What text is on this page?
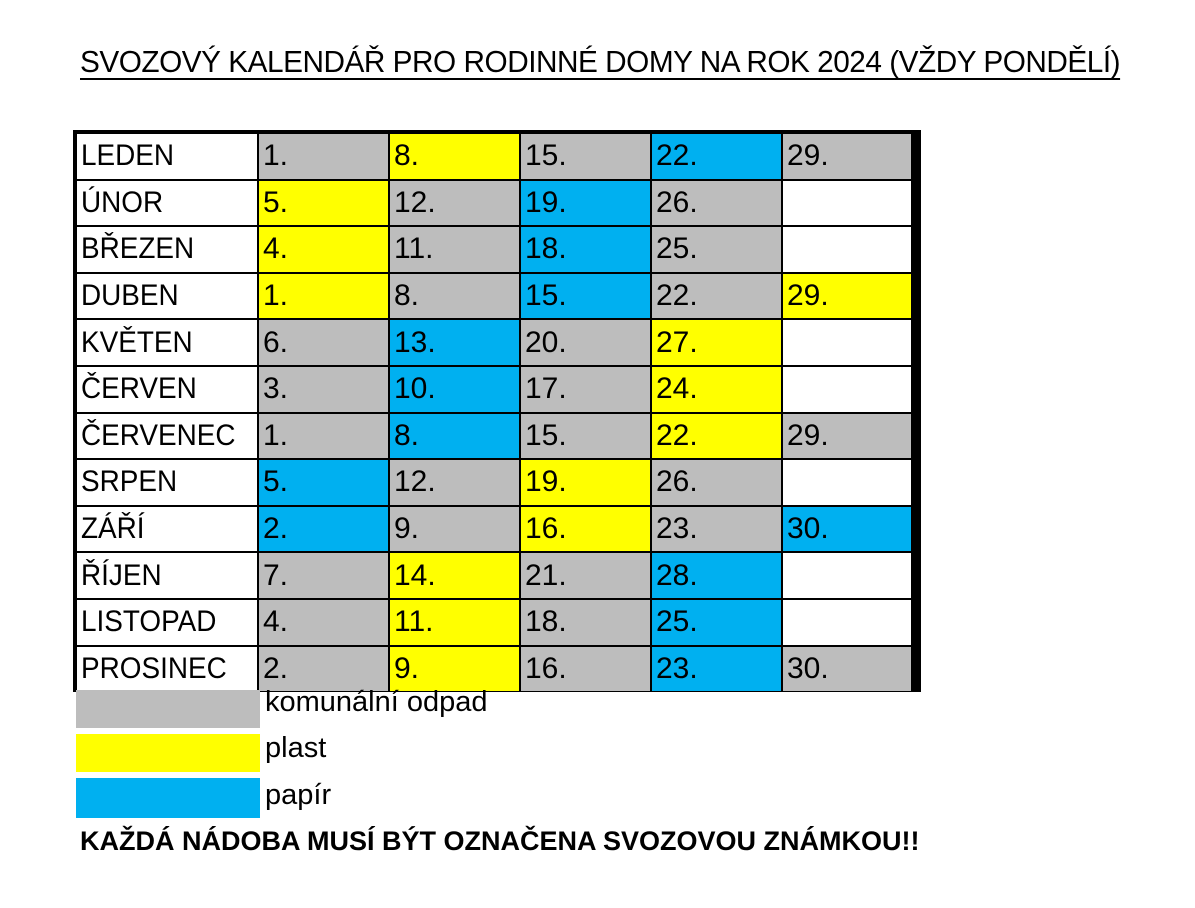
SVOZOVÝ KALENDÁŘ PRO RODINNÉ DOMY NA ROK 2024 (VŽDY PONDĚLÍ)
LEDEN	1.	8.	15.	22.	29.
ÚNOR	5.	12.	19.	26.
BŘEZEN 4.	11.	18.	25.
DUBEN	1.	8.	15.	22.	29.
KVĚTEN 6.	13.	20.	27.
ČERVEN 3.	10.	17.	24.
ČERVENEC 1.	8.	15.	22.	29.
SRPEN	5.	12.	19.	26.
ZÁŘÍ	2.	9.	16.	23.	30.
ŘÍJEN	7.	14.	21.	28.
LISTOPAD 4.	11.	18.	25.
PROSINEC 2.	9.	16.	23.	30.
komunální odpad
plast
papír
KAŽDÁ NÁDOBA MUSÍ BÝT OZNAČENA SVOZOVOU ZNÁMKOU!!
